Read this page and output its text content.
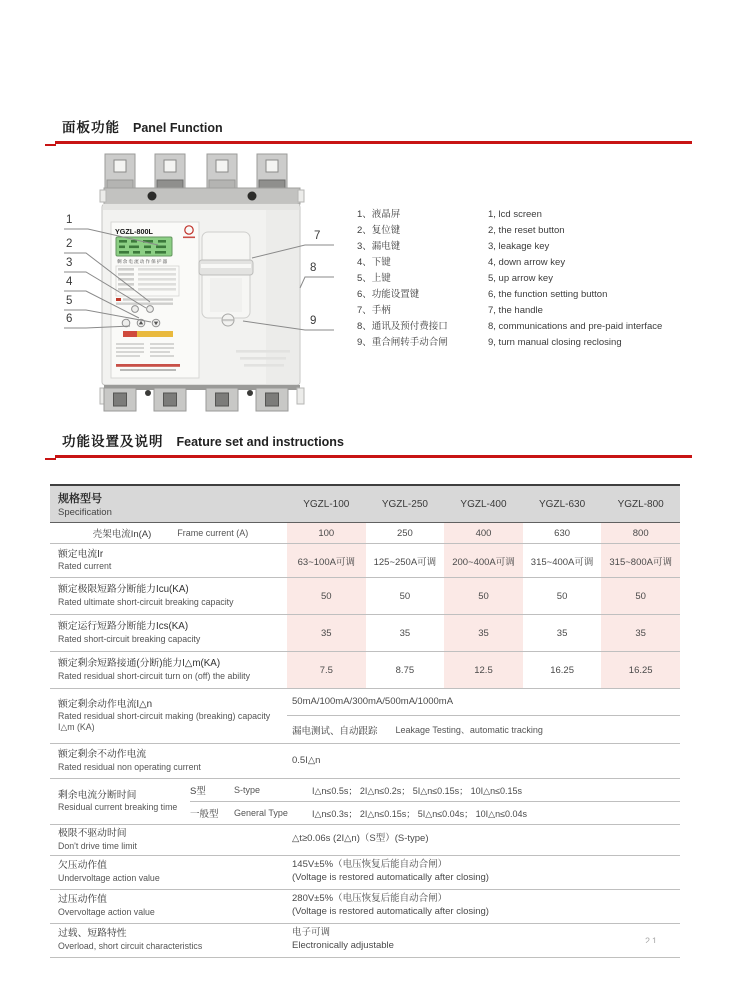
面板功能 Panel Function
YGZL-800L
剩余电流动作保护器
1
2
3
4
5
6
7
8
9
1、液晶屏	1, lcd screen
2、复位键	2, the reset button
3、漏电键	3, leakage key
4、下键	4, down arrow key
5、上键	5, up arrow key
6、功能设置键	6, the function setting button
7、手柄	7, the handle
8、通讯及预付费接口	8, communications and pre-paid interface
9、重合闸转手动合闸	9, turn manual closing reclosing
功能设置及说明 Feature set and instructions
规格型号
Specification
YGZL-100	YGZL-250	YGZL-400	YGZL-630	YGZL-800
壳架电流In(A)	Frame current (A)	100	250	400	630	800
额定电流Ir
Rated current	63~100A可调	125~250A可调	200~400A可调	315~400A可调	315~800A可调
额定极限短路分断能力Icu(KA)
Rated ultimate short-circuit breaking capacity
50	50	50	50	50
额定运行短路分断能力Ics(KA)
Rated short-circuit breaking capacity
35	35	35	35	35
额定剩余短路接通(分断)能力I△m(KA)
Rated residual short-circuit turn on (off) the ability
7.5	8.75	12.5	16.25	16.25
额定剩余动作电流I△n
Rated residual short-circuit making (breaking) capacity I△m (KA)
50mA/100mA/300mA/500mA/1000mA
漏电测试、自动跟踪 Leakage Testing、automatic tracking
额定剩余不动作电流
Rated residual non operating current
0.5I△n
剩余电流分断时间
Residual current breaking time
S型	S-type	I△n≤0.5s； 2I△n≤0.2s； 5I△n≤0.15s； 10I△n≤0.15s
一般型	General Type	I△n≤0.3s； 2I△n≤0.15s； 5I△n≤0.04s； 10I△n≤0.04s
极限不驱动时间
Don't drive time limit
△t≥0.06s (2I△n)（S型）(S-type)
欠压动作值
Undervoltage action value
145V±5%（电压恢复后能自动合闸）
(Voltage is restored automatically after closing)
过压动作值
Overvoltage action value
280V±5%（电压恢复后能自动合闸）
(Voltage is restored automatically after closing)
过载、短路特性
Overload, short circuit characteristics
电子可调
Electronically adjustable	21
